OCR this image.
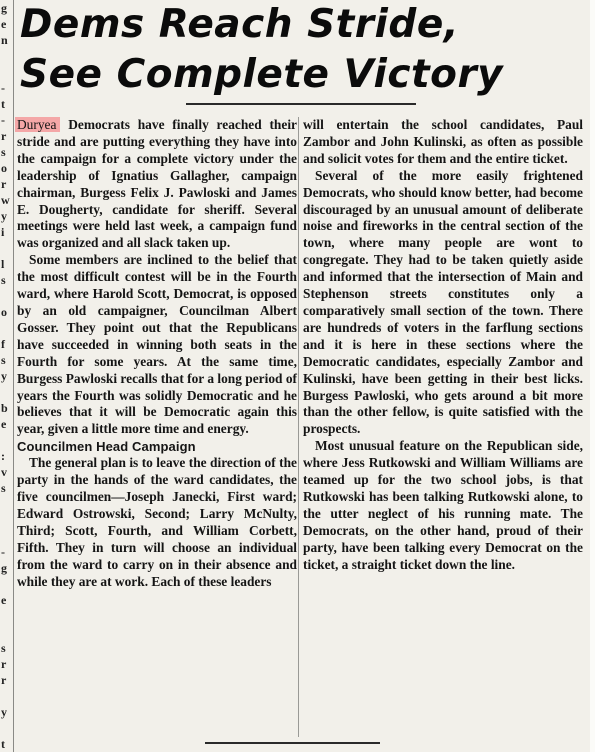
g
e
n
-
t
-
r
s
o
r
w
y
i
l
s
o
f
s
y
b
e
:
v
s
-
g
e
s
r
r
y
t
Dems Reach Stride,
See Complete Victory

Duryea Democrats have finally reached their stride and are putting everything they have into the campaign for a complete victory under the leadership of Ignatius Gallagher, campaign chairman, Burgess Felix J. Pawloski and James E. Dougherty, candidate for sheriff. Several meetings were held last week, a campaign fund was organized and all slack taken up.

Some members are inclined to the belief that the most difficult contest will be in the Fourth ward, where Harold Scott, Democrat, is opposed by an old campaigner, Councilman Albert Gosser. They point out that the Republicans have succeeded in winning both seats in the Fourth for some years. At the same time, Burgess Pawloski recalls that for a long period of years the Fourth was solidly Democratic and he believes that it will be Democratic again this year, given a little more time and energy.

Councilmen Head Campaign

The general plan is to leave the direction of the party in the hands of the ward candidates, the five councilmen—Joseph Janecki, First ward; Edward Ostrowski, Second; Larry McNulty, Third; Scott, Fourth, and William Corbett, Fifth. They in turn will choose an individual from the ward to carry on in their absence and while they are at work. Each of these leaders

will entertain the school candidates, Paul Zambor and John Kulinski, as often as possible and solicit votes for them and the entire ticket.

Several of the more easily frightened Democrats, who should know better, had become discouraged by an unusual amount of deliberate noise and fireworks in the central section of the town, where many people are wont to congregate. They had to be taken quietly aside and informed that the intersection of Main and Stephenson streets constitutes only a comparatively small section of the town. There are hundreds of voters in the farflung sections and it is here in these sections where the Democratic candidates, especially Zambor and Kulinski, have been getting in their best licks. Burgess Pawloski, who gets around a bit more than the other fellow, is quite satisfied with the prospects.

Most unusual feature on the Republican side, where Jess Rutkowski and William Williams are teamed up for the two school jobs, is that Rutkowski has been talking Rutkowski alone, to the utter neglect of his running mate. The Democrats, on the other hand, proud of their party, have been talking every Democrat on the ticket, a straight ticket down the line.
